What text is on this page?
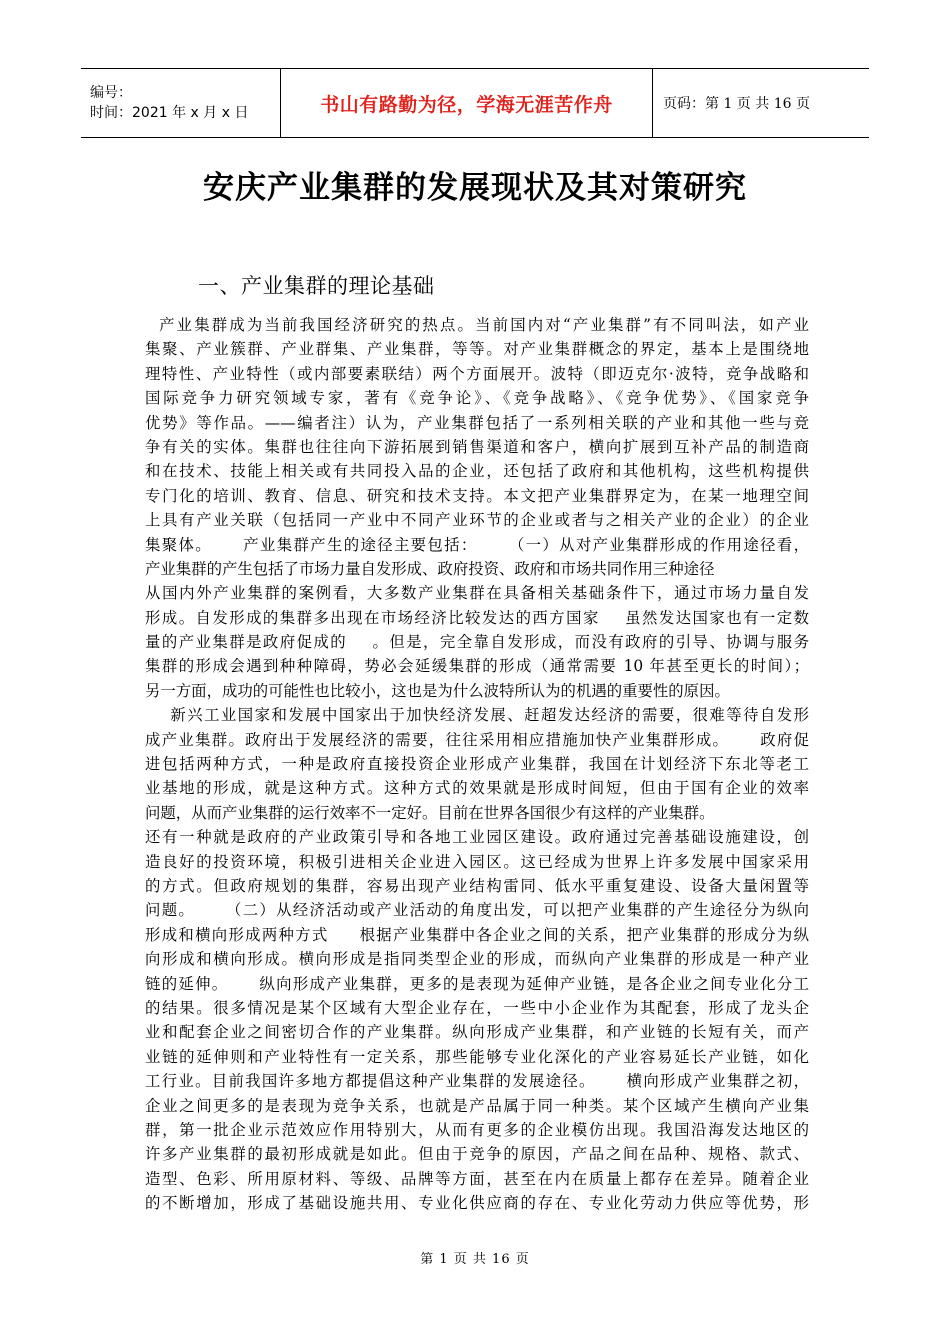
编号：
时间：2021 年 x 月 x 日	书山有路勤为径，学海无涯苦作舟	页码：第 1 页 共 16 页
安庆产业集群的发展现状及其对策研究
一、产业集群的理论基础
产业集群成为当前我国经济研究的热点。当前国内对“产业集群”有不同叫法，如产业
集聚、产业簇群、产业群集、产业集群，等等。对产业集群概念的界定，基本上是围绕地
理特性、产业特性（或内部要素联结）两个方面展开。波特（即迈克尔·波特，竞争战略和
国际竞争力研究领域专家，著有《竞争论》、《竞争战略》、《竞争优势》、《国家竞争
优势》等作品。——编者注）认为，产业集群包括了一系列相关联的产业和其他一些与竞
争有关的实体。集群也往往向下游拓展到销售渠道和客户，横向扩展到互补产品的制造商
和在技术、技能上相关或有共同投入品的企业，还包括了政府和其他机构，这些机构提供
专门化的培训、教育、信息、研究和技术支持。本文把产业集群界定为，在某一地理空间
上具有产业关联（包括同一产业中不同产业环节的企业或者与之相关产业的企业）的企业
集聚体。     产业集群产生的途径主要包括：     （一）从对产业集群形成的作用途径看，
产业集群的产生包括了市场力量自发形成、政府投资、政府和市场共同作用三种途径
从国内外产业集群的案例看，大多数产业集群在具备相关基础条件下，通过市场力量自发
形成。自发形成的集群多出现在市场经济比较发达的西方国家    虽然发达国家也有一定数
量的产业集群是政府促成的    。但是，完全靠自发形成，而没有政府的引导、协调与服务
集群的形成会遇到种种障碍，势必会延缓集群的形成（通常需要 10 年甚至更长的时间）；
另一方面，成功的可能性也比较小，这也是为什么波特所认为的机遇的重要性的原因。
新兴工业国家和发展中国家出于加快经济发展、赶超发达经济的需要，很难等待自发形
成产业集群。政府出于发展经济的需要，往往采用相应措施加快产业集群形成。     政府促
进包括两种方式，一种是政府直接投资企业形成产业集群，我国在计划经济下东北等老工
业基地的形成，就是这种方式。这种方式的效果就是形成时间短，但由于国有企业的效率
问题，从而产业集群的运行效率不一定好。目前在世界各国很少有这样的产业集群。
还有一种就是政府的产业政策引导和各地工业园区建设。政府通过完善基础设施建设，创
造良好的投资环境，积极引进相关企业进入园区。这已经成为世界上许多发展中国家采用
的方式。但政府规划的集群，容易出现产业结构雷同、低水平重复建设、设备大量闲置等
问题。     （二）从经济活动或产业活动的角度出发，可以把产业集群的产生途径分为纵向
形成和横向形成两种方式     根据产业集群中各企业之间的关系，把产业集群的形成分为纵
向形成和横向形成。横向形成是指同类型企业的形成，而纵向产业集群的形成是一种产业
链的延伸。     纵向形成产业集群，更多的是表现为延伸产业链，是各企业之间专业化分工
的结果。很多情况是某个区域有大型企业存在，一些中小企业作为其配套，形成了龙头企
业和配套企业之间密切合作的产业集群。纵向形成产业集群，和产业链的长短有关，而产
业链的延伸则和产业特性有一定关系，那些能够专业化深化的产业容易延长产业链，如化
工行业。目前我国许多地方都提倡这种产业集群的发展途径。     横向形成产业集群之初，
企业之间更多的是表现为竞争关系，也就是产品属于同一种类。某个区域产生横向产业集
群，第一批企业示范效应作用特别大，从而有更多的企业模仿出现。我国沿海发达地区的
许多产业集群的最初形成就是如此。但由于竞争的原因，产品之间在品种、规格、款式、
造型、色彩、所用原材料、等级、品牌等方面，甚至在内在质量上都存在差异。随着企业
的不断增加，形成了基础设施共用、专业化供应商的存在、专业化劳动力供应等优势，形
第 1 页 共 16 页
